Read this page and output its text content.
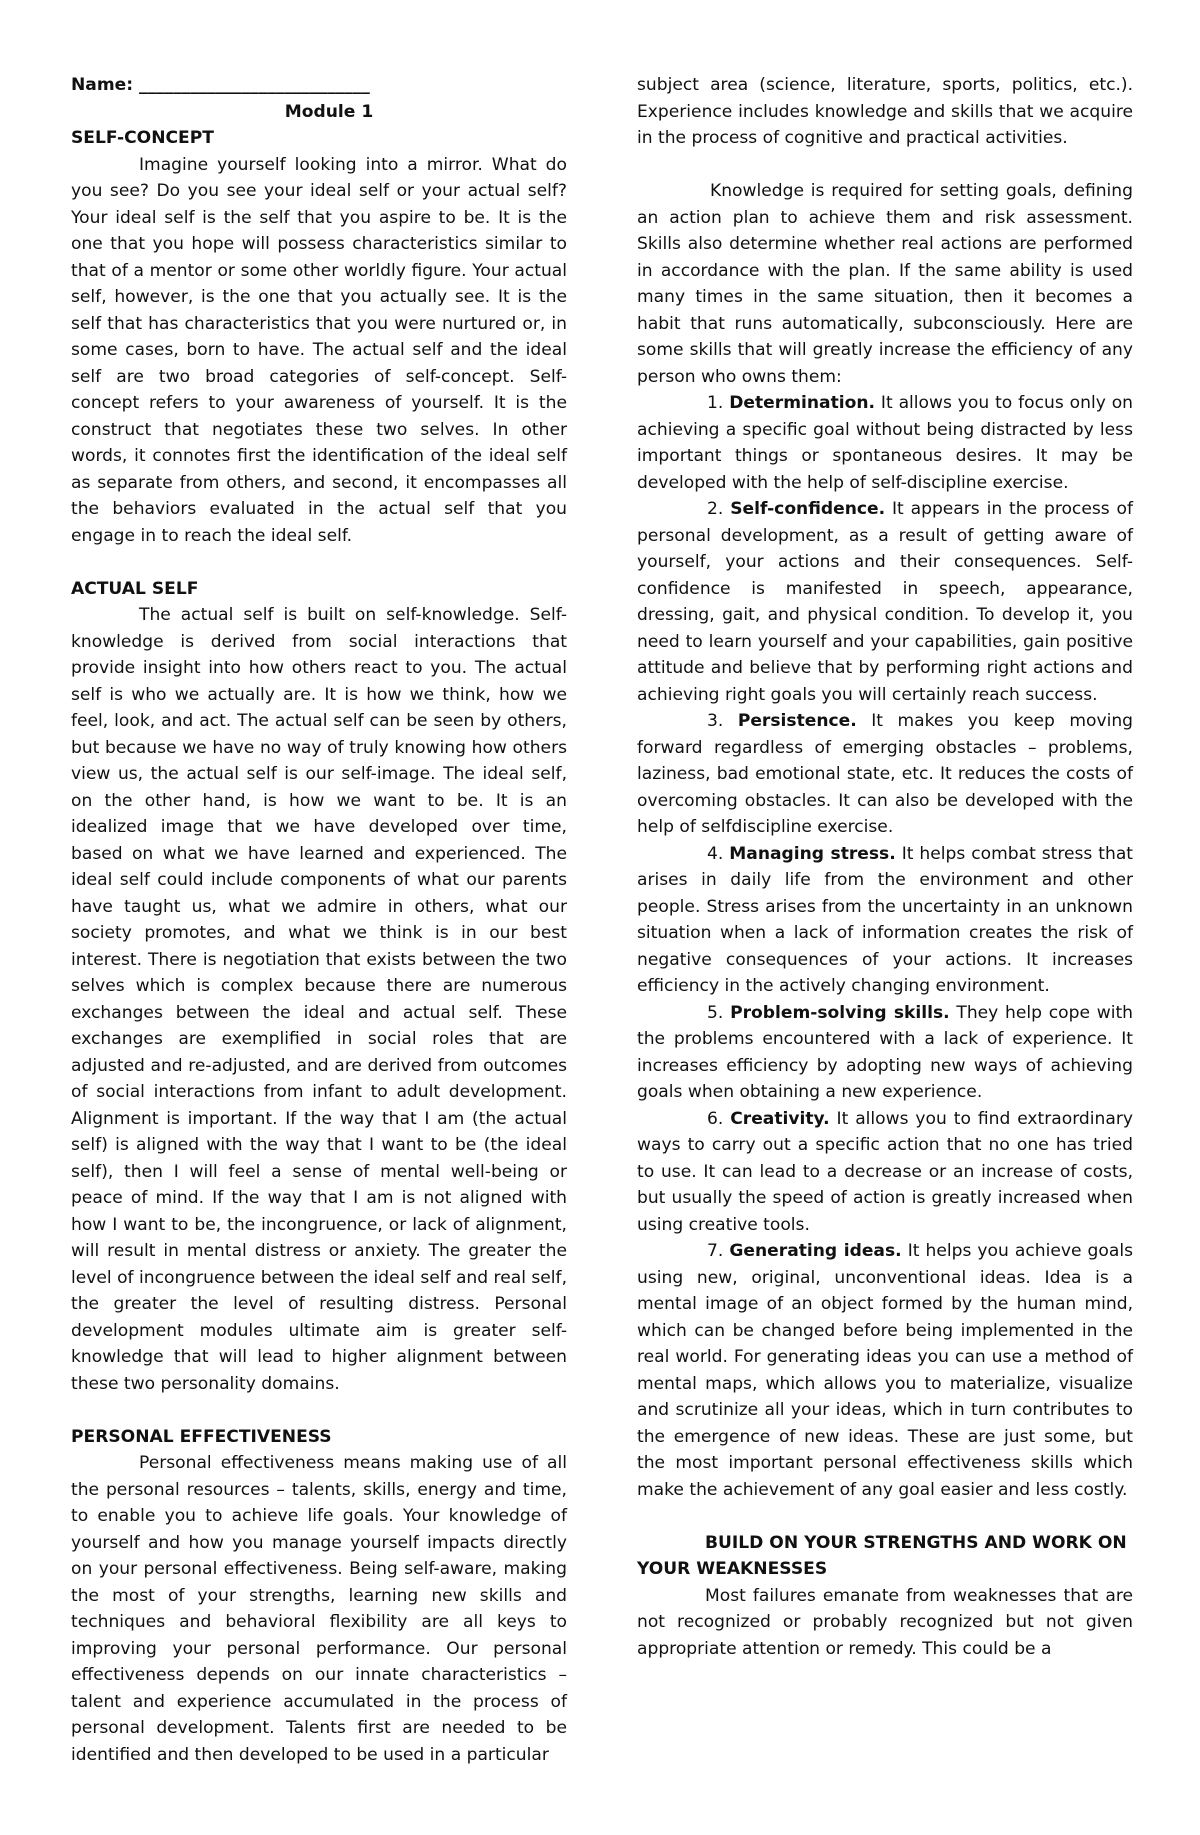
Name: ___________________________

Module 1

SELF-CONCEPT

Imagine yourself looking into a mirror. What do you see? Do you see your ideal self or your actual self? Your ideal self is the self that you aspire to be. It is the one that you hope will possess characteristics similar to that of a mentor or some other worldly figure. Your actual self, however, is the one that you actually see. It is the self that has characteristics that you were nurtured or, in some cases, born to have. The actual self and the ideal self are two broad categories of self-concept. Self-concept refers to your awareness of yourself. It is the construct that negotiates these two selves. In other words, it connotes first the identification of the ideal self as separate from others, and second, it encompasses all the behaviors evaluated in the actual self that you engage in to reach the ideal self.

ACTUAL SELF

The actual self is built on self-knowledge. Self-knowledge is derived from social interactions that provide insight into how others react to you. The actual self is who we actually are. It is how we think, how we feel, look, and act. The actual self can be seen by others, but because we have no way of truly knowing how others view us, the actual self is our self-image. The ideal self, on the other hand, is how we want to be. It is an idealized image that we have developed over time, based on what we have learned and experienced. The ideal self could include components of what our parents have taught us, what we admire in others, what our society promotes, and what we think is in our best interest. There is negotiation that exists between the two selves which is complex because there are numerous exchanges between the ideal and actual self. These exchanges are exemplified in social roles that are adjusted and re-adjusted, and are derived from outcomes of social interactions from infant to adult development. Alignment is important. If the way that I am (the actual self) is aligned with the way that I want to be (the ideal self), then I will feel a sense of mental well-being or peace of mind. If the way that I am is not aligned with how I want to be, the incongruence, or lack of alignment, will result in mental distress or anxiety. The greater the level of incongruence between the ideal self and real self, the greater the level of resulting distress. Personal development modules ultimate aim is greater self-knowledge that will lead to higher alignment between these two personality domains.

PERSONAL EFFECTIVENESS

Personal effectiveness means making use of all the personal resources – talents, skills, energy and time, to enable you to achieve life goals. Your knowledge of yourself and how you manage yourself impacts directly on your personal effectiveness. Being self-aware, making the most of your strengths, learning new skills and techniques and behavioral flexibility are all keys to improving your personal performance. Our personal effectiveness depends on our innate characteristics – talent and experience accumulated in the process of personal development. Talents first are needed to be identified and then developed to be used in a particular

subject area (science, literature, sports, politics, etc.). Experience includes knowledge and skills that we acquire in the process of cognitive and practical activities.

Knowledge is required for setting goals, defining an action plan to achieve them and risk assessment. Skills also determine whether real actions are performed in accordance with the plan. If the same ability is used many times in the same situation, then it becomes a habit that runs automatically, subconsciously. Here are some skills that will greatly increase the efficiency of any person who owns them:

1. Determination. It allows you to focus only on achieving a specific goal without being distracted by less important things or spontaneous desires. It may be developed with the help of self-discipline exercise.

2. Self-confidence. It appears in the process of personal development, as a result of getting aware of yourself, your actions and their consequences. Self-confidence is manifested in speech, appearance, dressing, gait, and physical condition. To develop it, you need to learn yourself and your capabilities, gain positive attitude and believe that by performing right actions and achieving right goals you will certainly reach success.

3. Persistence. It makes you keep moving forward regardless of emerging obstacles – problems, laziness, bad emotional state, etc. It reduces the costs of overcoming obstacles. It can also be developed with the help of selfdiscipline exercise.

4. Managing stress. It helps combat stress that arises in daily life from the environment and other people. Stress arises from the uncertainty in an unknown situation when a lack of information creates the risk of negative consequences of your actions. It increases efficiency in the actively changing environment.

5. Problem-solving skills. They help cope with the problems encountered with a lack of experience. It increases efficiency by adopting new ways of achieving goals when obtaining a new experience.

6. Creativity. It allows you to find extraordinary ways to carry out a specific action that no one has tried to use. It can lead to a decrease or an increase of costs, but usually the speed of action is greatly increased when using creative tools.

7. Generating ideas. It helps you achieve goals using new, original, unconventional ideas. Idea is a mental image of an object formed by the human mind, which can be changed before being implemented in the real world. For generating ideas you can use a method of mental maps, which allows you to materialize, visualize and scrutinize all your ideas, which in turn contributes to the emergence of new ideas. These are just some, but the most important personal effectiveness skills which make the achievement of any goal easier and less costly.

BUILD ON YOUR STRENGTHS AND WORK ON YOUR WEAKNESSES

Most failures emanate from weaknesses that are not recognized or probably recognized but not given appropriate attention or remedy. This could be a
